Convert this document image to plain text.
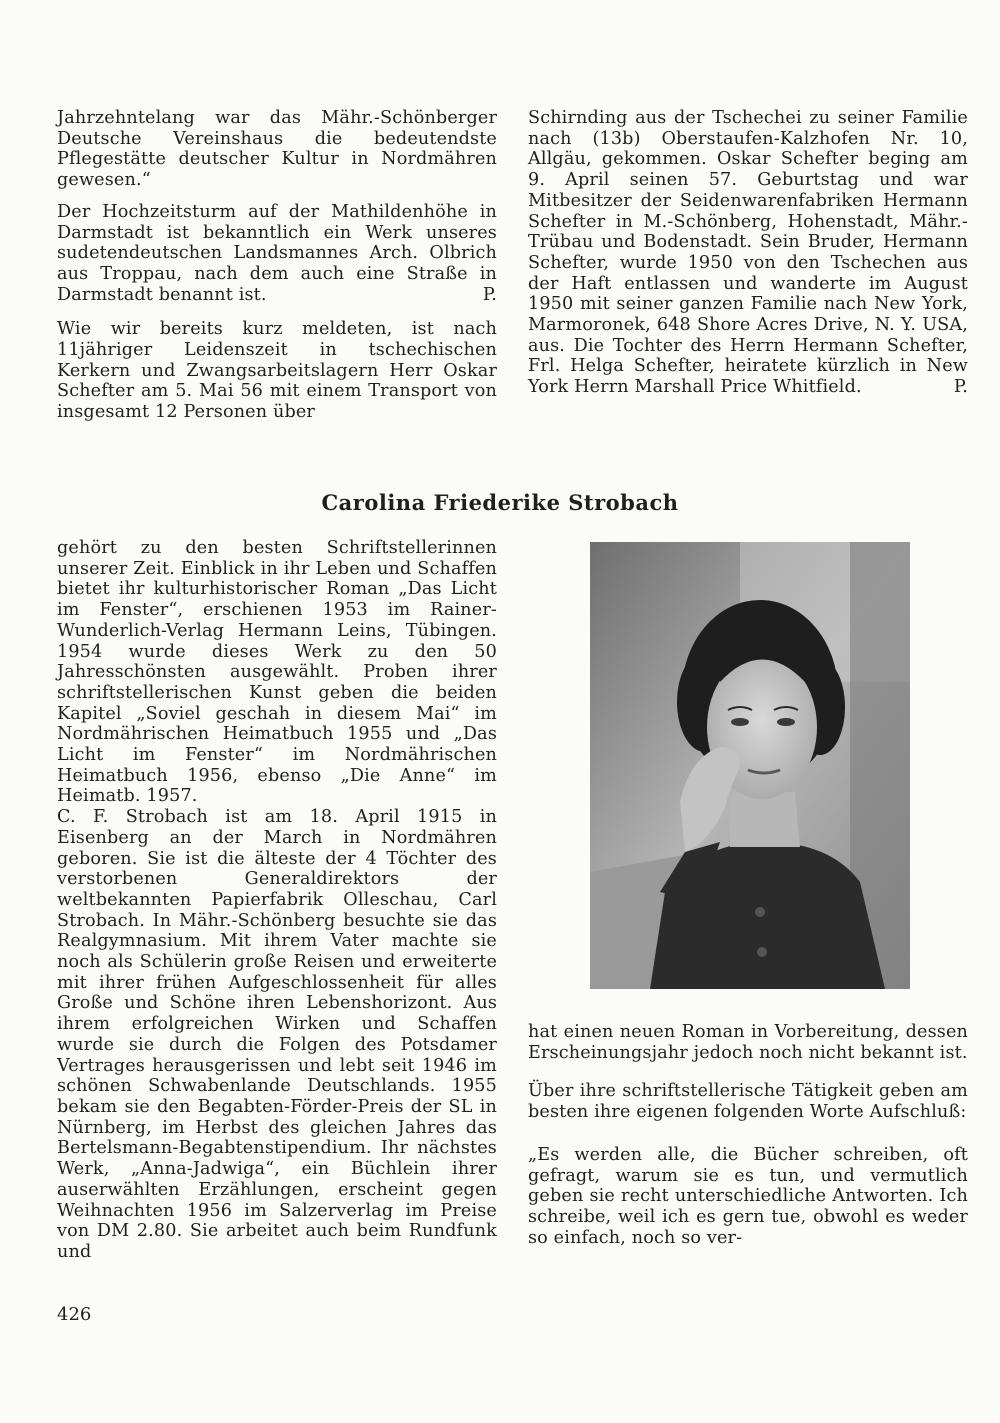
Jahrzehntelang war das Mähr.-Schönberger Deutsche Vereinshaus die bedeutendste Pflegestätte deutscher Kultur in Nordmähren gewesen.“

Der Hochzeitsturm auf der Mathildenhöhe in Darmstadt ist bekanntlich ein Werk unseres sudetendeutschen Landsmannes Arch. Olbrich aus Troppau, nach dem auch eine Straße in Darmstadt benannt ist.	P.

Wie wir bereits kurz meldeten, ist nach 11jähriger Leidenszeit in tschechischen Kerkern und Zwangsarbeitslagern Herr Oskar Schefter am 5. Mai 56 mit einem Transport von insgesamt 12 Personen über

Schirnding aus der Tschechei zu seiner Familie nach (13b) Oberstaufen-Kalzhofen Nr. 10, Allgäu, gekommen. Oskar Schefter beging am 9. April seinen 57. Geburtstag und war Mitbesitzer der Seidenwarenfabriken Hermann Schefter in M.-Schönberg, Hohenstadt, Mähr.-Trübau und Bodenstadt. Sein Bruder, Hermann Schefter, wurde 1950 von den Tschechen aus der Haft entlassen und wanderte im August 1950 mit seiner ganzen Familie nach New York, Marmoronek, 648 Shore Acres Drive, N. Y. USA, aus. Die Tochter des Herrn Hermann Schefter, Frl. Helga Schefter, heiratete kürzlich in New York Herrn Marshall Price Whitfield.	P.

Carolina Friederike Strobach

gehört zu den besten Schriftstellerinnen unserer Zeit. Einblick in ihr Leben und Schaffen bietet ihr kulturhistorischer Roman „Das Licht im Fenster“, erschienen 1953 im Rainer-Wunderlich-Verlag Hermann Leins, Tübingen. 1954 wurde dieses Werk zu den 50 Jahresschönsten ausgewählt. Proben ihrer schriftstellerischen Kunst geben die beiden Kapitel „Soviel geschah in diesem Mai“ im Nordmährischen Heimatbuch 1955 und „Das Licht im Fenster“ im Nordmährischen Heimatbuch 1956, ebenso „Die Anne“ im Heimatb. 1957.

C. F. Strobach ist am 18. April 1915 in Eisenberg an der March in Nordmähren geboren. Sie ist die älteste der 4 Töchter des verstorbenen Generaldirektors der weltbekannten Papierfabrik Olleschau, Carl Strobach. In Mähr.-Schönberg besuchte sie das Realgymnasium. Mit ihrem Vater machte sie noch als Schülerin große Reisen und erweiterte mit ihrer frühen Aufgeschlossenheit für alles Große und Schöne ihren Lebenshorizont. Aus ihrem erfolgreichen Wirken und Schaffen wurde sie durch die Folgen des Potsdamer Vertrages herausgerissen und lebt seit 1946 im schönen Schwabenlande Deutschlands. 1955 bekam sie den Begabten-Förder-Preis der SL in Nürnberg, im Herbst des gleichen Jahres das Bertelsmann-Begabtenstipendium. Ihr nächstes Werk, „Anna-Jadwiga“, ein Büchlein ihrer auserwählten Erzählungen, erscheint gegen Weihnachten 1956 im Salzerverlag im Preise von DM 2.80. Sie arbeitet auch beim Rundfunk und

hat einen neuen Roman in Vorbereitung, dessen Erscheinungsjahr jedoch noch nicht bekannt ist.

Über ihre schriftstellerische Tätigkeit geben am besten ihre eigenen folgenden Worte Aufschluß:

„Es werden alle, die Bücher schreiben, oft gefragt, warum sie es tun, und vermutlich geben sie recht unterschiedliche Antworten. Ich schreibe, weil ich es gern tue, obwohl es weder so einfach, noch so ver-

426
